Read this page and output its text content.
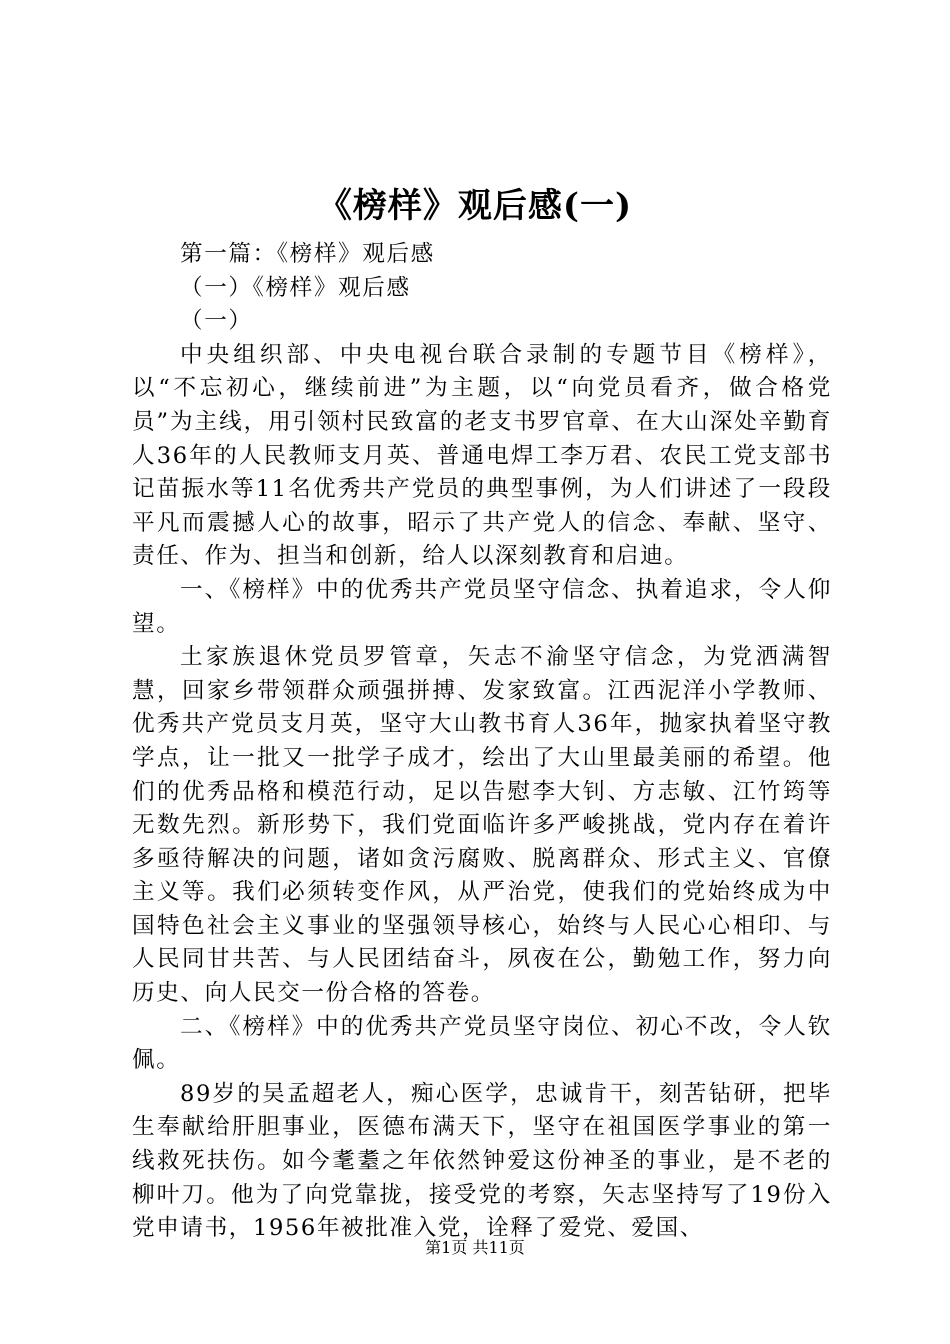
《榜样》观后感(一)

第一篇：《榜样》观后感

（一）《榜样》观后感

（一）

中央组织部、中央电视台联合录制的专题节目《榜样》，以“不忘初心，继续前进”为主题，以“向党员看齐，做合格党员”为主线，用引领村民致富的老支书罗官章、在大山深处辛勤育人36年的人民教师支月英、普通电焊工李万君、农民工党支部书记苗振水等11名优秀共产党员的典型事例，为人们讲述了一段段平凡而震撼人心的故事，昭示了共产党人的信念、奉献、坚守、责任、作为、担当和创新，给人以深刻教育和启迪。

一、《榜样》中的优秀共产党员坚守信念、执着追求，令人仰望。

土家族退休党员罗管章，矢志不渝坚守信念，为党洒满智慧，回家乡带领群众顽强拼搏、发家致富。江西泥洋小学教师、优秀共产党员支月英，坚守大山教书育人36年，抛家执着坚守教学点，让一批又一批学子成才，绘出了大山里最美丽的希望。他们的优秀品格和模范行动，足以告慰李大钊、方志敏、江竹筠等无数先烈。新形势下，我们党面临许多严峻挑战，党内存在着许多亟待解决的问题，诸如贪污腐败、脱离群众、形式主义、官僚主义等。我们必须转变作风，从严治党，使我们的党始终成为中国特色社会主义事业的坚强领导核心，始终与人民心心相印、与人民同甘共苦、与人民团结奋斗，夙夜在公，勤勉工作，努力向历史、向人民交一份合格的答卷。

二、《榜样》中的优秀共产党员坚守岗位、初心不改，令人钦佩。

89岁的吴孟超老人，痴心医学，忠诚肯干，刻苦钻研，把毕生奉献给肝胆事业，医德布满天下，坚守在祖国医学事业的第一线救死扶伤。如今耄耋之年依然钟爱这份神圣的事业，是不老的柳叶刀。他为了向党靠拢，接受党的考察，矢志坚持写了19份入党申请书，1956年被批准入党，诠释了爱党、爱国、

第1页 共11页
